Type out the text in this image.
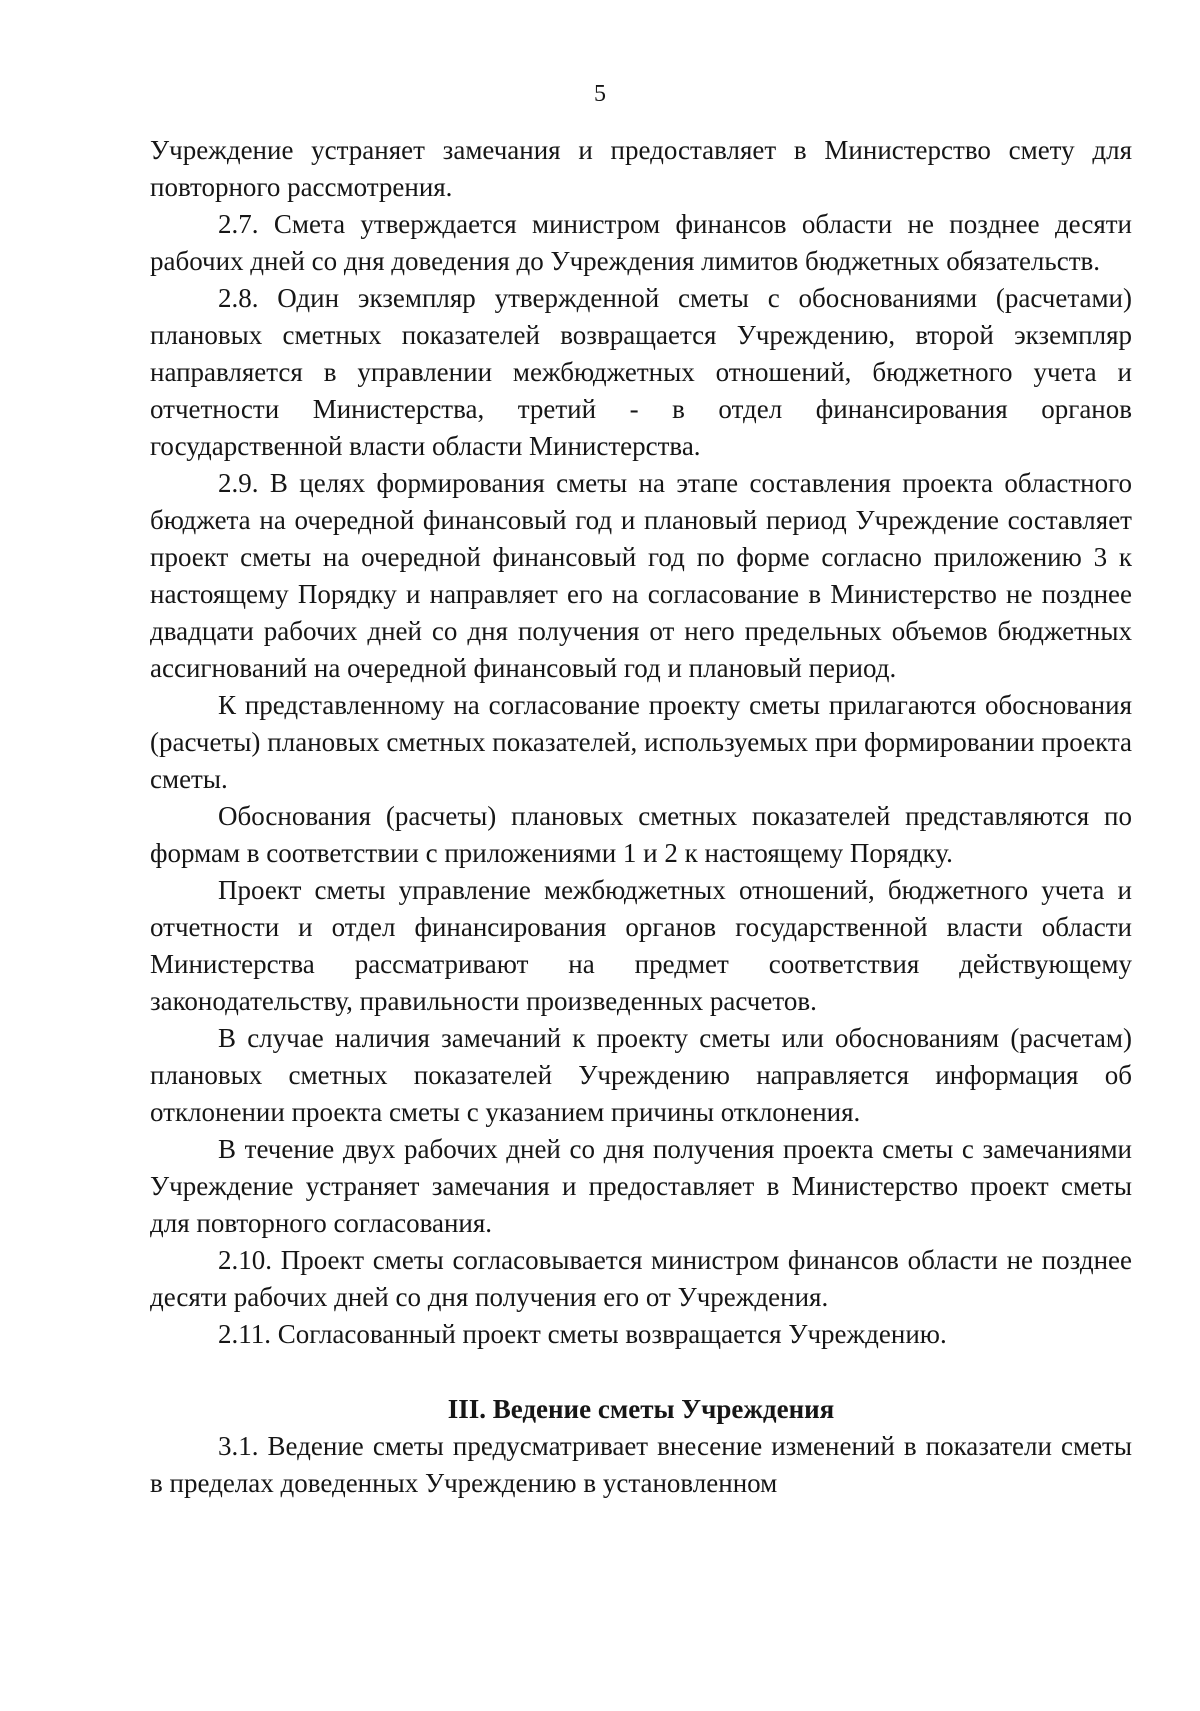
5

Учреждение устраняет замечания и предоставляет в Министерство смету для повторного рассмотрения.

2.7. Смета утверждается министром финансов области не позднее десяти рабочих дней со дня доведения до Учреждения лимитов бюджетных обязательств.

2.8. Один экземпляр утвержденной сметы с обоснованиями (расчетами) плановых сметных показателей возвращается Учреждению, второй экземпляр направляется в управлении межбюджетных отношений, бюджетного учета и отчетности Министерства, третий - в отдел финансирования органов государственной власти области Министерства.

2.9. В целях формирования сметы на этапе составления проекта областного бюджета на очередной финансовый год и плановый период Учреждение составляет проект сметы на очередной финансовый год по форме согласно приложению 3 к настоящему Порядку и направляет его на согласование в Министерство не позднее двадцати рабочих дней со дня получения от него предельных объемов бюджетных ассигнований на очередной финансовый год и плановый период.

К представленному на согласование проекту сметы прилагаются обоснования (расчеты) плановых сметных показателей, используемых при формировании проекта сметы.

Обоснования (расчеты) плановых сметных показателей представляются по формам в соответствии с приложениями 1 и 2 к настоящему Порядку.

Проект сметы управление межбюджетных отношений, бюджетного учета и отчетности и отдел финансирования органов государственной власти области Министерства рассматривают на предмет соответствия действующему законодательству, правильности произведенных расчетов.

В случае наличия замечаний к проекту сметы или обоснованиям (расчетам) плановых сметных показателей Учреждению направляется информация об отклонении проекта сметы с указанием причины отклонения.

В течение двух рабочих дней со дня получения проекта сметы с замечаниями Учреждение устраняет замечания и предоставляет в Министерство проект сметы для повторного согласования.

2.10. Проект сметы согласовывается министром финансов области не позднее десяти рабочих дней со дня получения его от Учреждения.

2.11. Согласованный проект сметы возвращается Учреждению.

III. Ведение сметы Учреждения

3.1. Ведение сметы предусматривает внесение изменений в показатели сметы в пределах доведенных Учреждению в установленном
